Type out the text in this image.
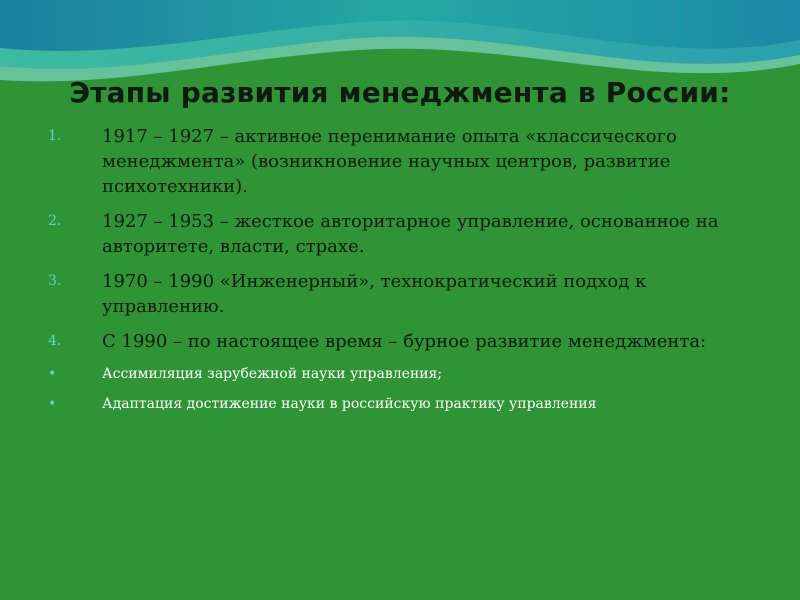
Этапы развития менеджмента в России:
1. 1917 – 1927 – активное перенимание опыта «классического менеджмента» (возникновение научных центров, развитие психотехники).
2. 1927 – 1953 – жесткое авторитарное управление, основанное на авторитете, власти, страхе.
3. 1970 – 1990 «Инженерный», технократический подход к управлению.
4. С 1990 – по настоящее время – бурное развитие менеджмента:
•	Ассимиляция зарубежной науки управления;
•	Адаптация достижение науки в российскую практику управления
